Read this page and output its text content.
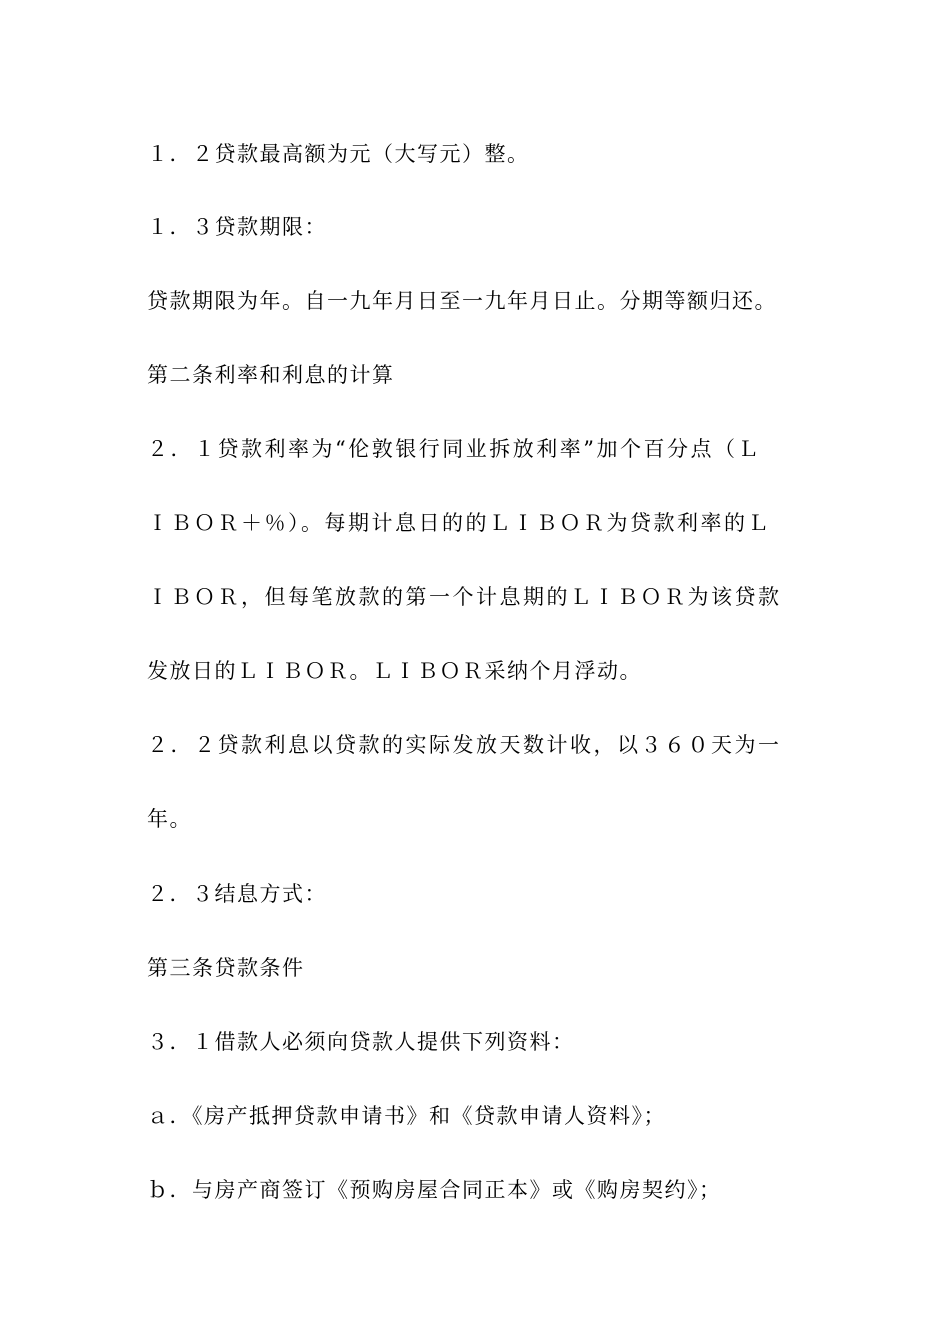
１．２贷款最高额为元（大写元）整。
１．３贷款期限：
贷款期限为年。自一九年月日至一九年月日止。分期等额归还。
第二条利率和利息的计算
２．１贷款利率为“伦敦银行同业拆放利率”加个百分点（Ｌ
ＩＢＯＲ＋％）。每期计息日的的ＬＩＢＯＲ为贷款利率的Ｌ
ＩＢＯＲ，但每笔放款的第一个计息期的ＬＩＢＯＲ为该贷款
发放日的ＬＩＢＯＲ。ＬＩＢＯＲ采纳个月浮动。
２．２贷款利息以贷款的实际发放天数计收，以３６０天为一
年。
２．３结息方式：
第三条贷款条件
３．１借款人必须向贷款人提供下列资料：
ａ．《房产抵押贷款申请书》和《贷款申请人资料》；
ｂ．与房产商签订《预购房屋合同正本》或《购房契约》；
